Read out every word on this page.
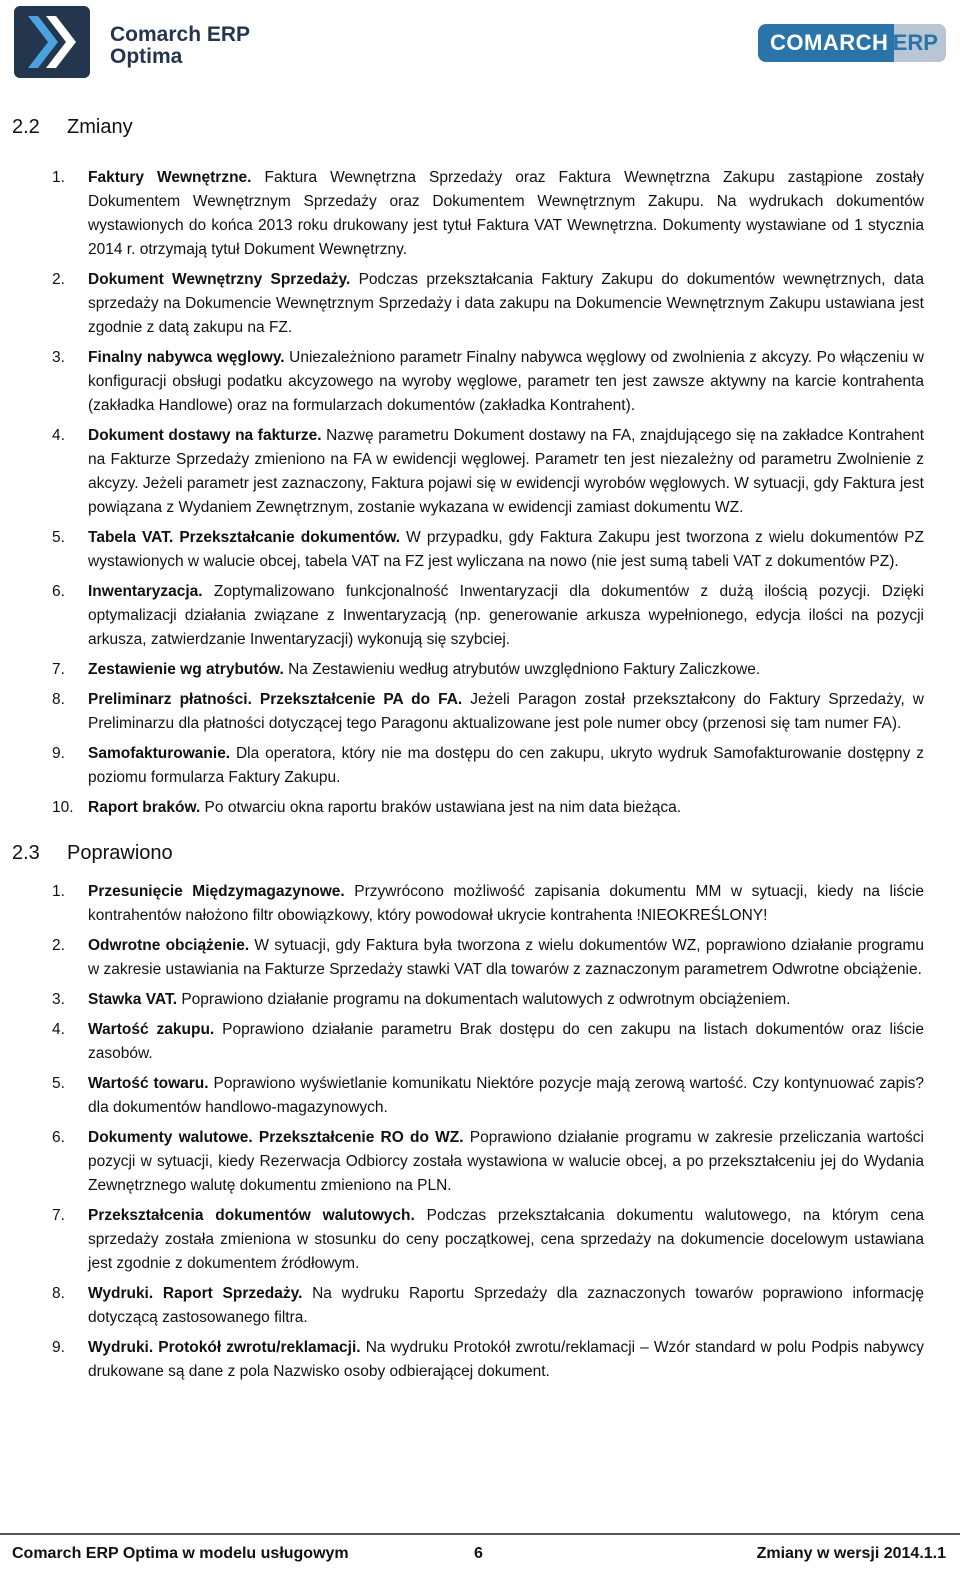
Comarch ERP
Optima
COMARCH ERP
2.2 Zmiany
1. Faktury Wewnętrzne. Faktura Wewnętrzna Sprzedaży oraz Faktura Wewnętrzna Zakupu zastąpione zostały Dokumentem Wewnętrznym Sprzedaży oraz Dokumentem Wewnętrznym Zakupu. Na wydrukach dokumentów wystawionych do końca 2013 roku drukowany jest tytuł Faktura VAT Wewnętrzna. Dokumenty wystawiane od 1 stycznia 2014 r. otrzymają tytuł Dokument Wewnętrzny.
2. Dokument Wewnętrzny Sprzedaży. Podczas przekształcania Faktury Zakupu do dokumentów wewnętrznych, data sprzedaży na Dokumencie Wewnętrznym Sprzedaży i data zakupu na Dokumencie Wewnętrznym Zakupu ustawiana jest zgodnie z datą zakupu na FZ.
3. Finalny nabywca węglowy. Uniezależniono parametr Finalny nabywca węglowy od zwolnienia z akcyzy. Po włączeniu w konfiguracji obsługi podatku akcyzowego na wyroby węglowe, parametr ten jest zawsze aktywny na karcie kontrahenta (zakładka Handlowe) oraz na formularzach dokumentów (zakładka Kontrahent).
4. Dokument dostawy na fakturze. Nazwę parametru Dokument dostawy na FA, znajdującego się na zakładce Kontrahent na Fakturze Sprzedaży zmieniono na FA w ewidencji węglowej. Parametr ten jest niezależny od parametru Zwolnienie z akcyzy. Jeżeli parametr jest zaznaczony, Faktura pojawi się w ewidencji wyrobów węglowych. W sytuacji, gdy Faktura jest powiązana z Wydaniem Zewnętrznym, zostanie wykazana w ewidencji zamiast dokumentu WZ.
5. Tabela VAT. Przekształcanie dokumentów. W przypadku, gdy Faktura Zakupu jest tworzona z wielu dokumentów PZ wystawionych w walucie obcej, tabela VAT na FZ jest wyliczana na nowo (nie jest sumą tabeli VAT z dokumentów PZ).
6. Inwentaryzacja. Zoptymalizowano funkcjonalność Inwentaryzacji dla dokumentów z dużą ilością pozycji. Dzięki optymalizacji działania związane z Inwentaryzacją (np. generowanie arkusza wypełnionego, edycja ilości na pozycji arkusza, zatwierdzanie Inwentaryzacji) wykonują się szybciej.
7. Zestawienie wg atrybutów. Na Zestawieniu według atrybutów uwzględniono Faktury Zaliczkowe.
8. Preliminarz płatności. Przekształcenie PA do FA. Jeżeli Paragon został przekształcony do Faktury Sprzedaży, w Preliminarzu dla płatności dotyczącej tego Paragonu aktualizowane jest pole numer obcy (przenosi się tam numer FA).
9. Samofakturowanie. Dla operatora, który nie ma dostępu do cen zakupu, ukryto wydruk Samofakturowanie dostępny z poziomu formularza Faktury Zakupu.
10. Raport braków. Po otwarciu okna raportu braków ustawiana jest na nim data bieżąca.
2.3 Poprawiono
1. Przesunięcie Międzymagazynowe. Przywrócono możliwość zapisania dokumentu MM w sytuacji, kiedy na liście kontrahentów nałożono filtr obowiązkowy, który powodował ukrycie kontrahenta !NIEOKREŚLONY!
2. Odwrotne obciążenie. W sytuacji, gdy Faktura była tworzona z wielu dokumentów WZ, poprawiono działanie programu w zakresie ustawiania na Fakturze Sprzedaży stawki VAT dla towarów z zaznaczonym parametrem Odwrotne obciążenie.
3. Stawka VAT. Poprawiono działanie programu na dokumentach walutowych z odwrotnym obciążeniem.
4. Wartość zakupu. Poprawiono działanie parametru Brak dostępu do cen zakupu na listach dokumentów oraz liście zasobów.
5. Wartość towaru. Poprawiono wyświetlanie komunikatu Niektóre pozycje mają zerową wartość. Czy kontynuować zapis? dla dokumentów handlowo-magazynowych.
6. Dokumenty walutowe. Przekształcenie RO do WZ. Poprawiono działanie programu w zakresie przeliczania wartości pozycji w sytuacji, kiedy Rezerwacja Odbiorcy została wystawiona w walucie obcej, a po przekształceniu jej do Wydania Zewnętrznego walutę dokumentu zmieniono na PLN.
7. Przekształcenia dokumentów walutowych. Podczas przekształcania dokumentu walutowego, na którym cena sprzedaży została zmieniona w stosunku do ceny początkowej, cena sprzedaży na dokumencie docelowym ustawiana jest zgodnie z dokumentem źródłowym.
8. Wydruki. Raport Sprzedaży. Na wydruku Raportu Sprzedaży dla zaznaczonych towarów poprawiono informację dotyczącą zastosowanego filtra.
9. Wydruki. Protokół zwrotu/reklamacji. Na wydruku Protokół zwrotu/reklamacji – Wzór standard w polu Podpis nabywcy drukowane są dane z pola Nazwisko osoby odbierającej dokument.
Comarch ERP Optima w modelu usługowym	6	Zmiany w wersji 2014.1.1
